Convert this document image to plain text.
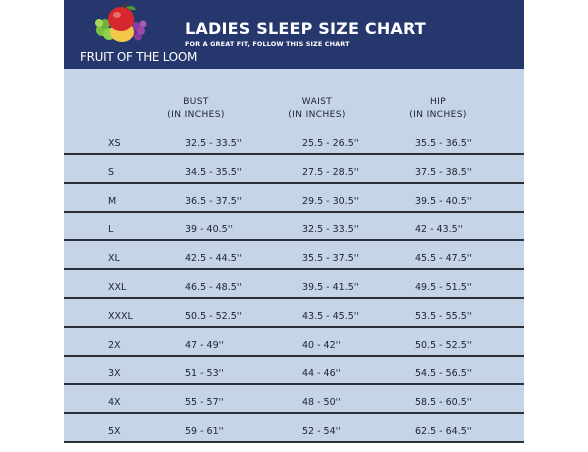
FRUIT OF THE LOOM
LADIES SLEEP SIZE CHART
FOR A GREAT FIT, FOLLOW THIS SIZE CHART
BUST
(IN INCHES)
WAIST
(IN INCHES)
HIP
(IN INCHES)
XS	32.5 - 33.5''	25.5 - 26.5''	35.5 - 36.5''
S	34.5 - 35.5''	27.5 - 28.5''	37.5 - 38.5''
M	36.5 - 37.5''	29.5 - 30.5''	39.5 - 40.5''
L	39 - 40.5''	32.5 - 33.5''	42 - 43.5''
XL	42.5 - 44.5''	35.5 - 37.5''	45.5 - 47.5''
XXL	46.5 - 48.5''	39.5 - 41.5''	49.5 - 51.5''
XXXL	50.5 - 52.5''	43.5 - 45.5''	53.5 - 55.5''
2X	47 - 49''	40 - 42''	50.5 - 52.5''
3X	51 - 53''	44 - 46''	54.5 - 56.5''
4X	55 - 57''	48 - 50''	58.5 - 60.5''
5X	59 - 61''	52 - 54''	62.5 - 64.5''
